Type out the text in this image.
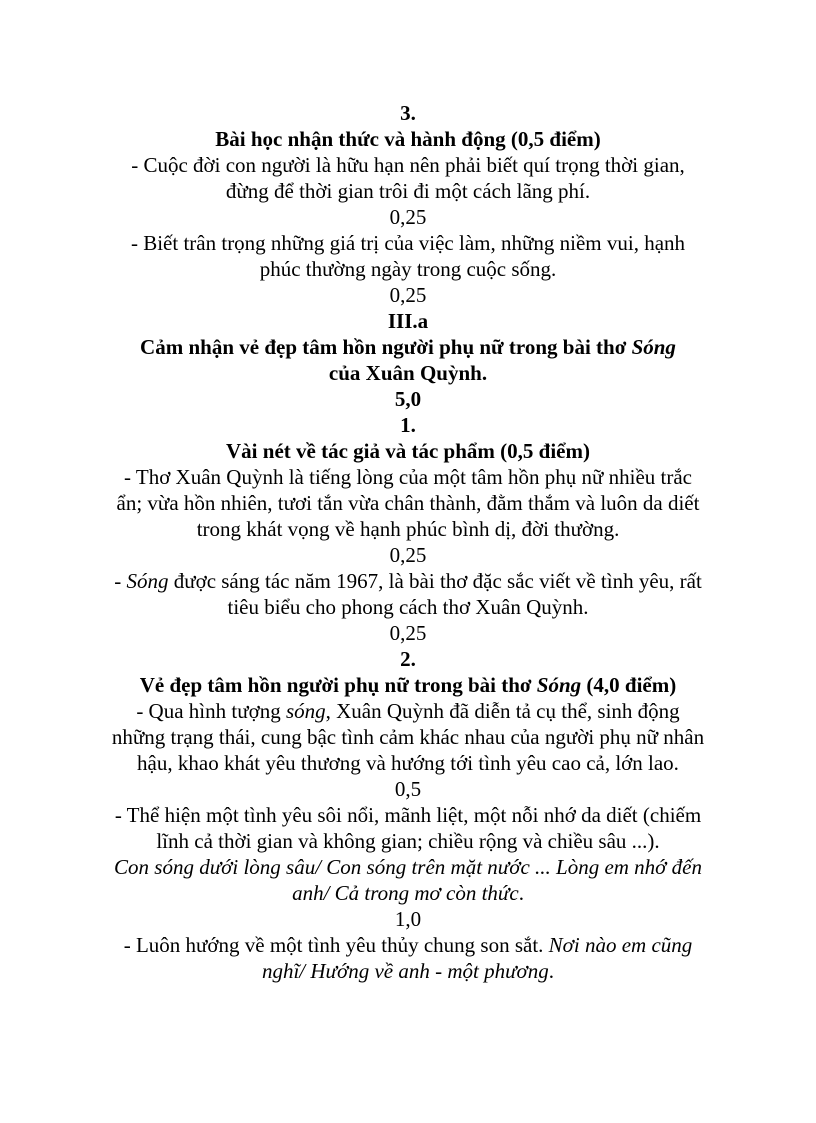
3.

Bài học nhận thức và hành động (0,5 điểm)

- Cuộc đời con người là hữu hạn nên phải biết quí trọng thời gian, đừng để thời gian trôi đi một cách lãng phí.

0,25

- Biết trân trọng những giá trị của việc làm, những niềm vui, hạnh phúc thường ngày trong cuộc sống.

0,25

III.a

Cảm nhận vẻ đẹp tâm hồn người phụ nữ trong bài thơ Sóng
của Xuân Quỳnh.

5,0

1.

Vài nét về tác giả và tác phẩm (0,5 điểm)

- Thơ Xuân Quỳnh là tiếng lòng của một tâm hồn phụ nữ nhiều trắc ẩn; vừa hồn nhiên, tươi tắn vừa chân thành, đằm thắm và luôn da diết trong khát vọng về hạnh phúc bình dị, đời thường.

0,25

- Sóng được sáng tác năm 1967, là bài thơ đặc sắc viết về tình yêu, rất tiêu biểu cho phong cách thơ Xuân Quỳnh.

0,25

2.

Vẻ đẹp tâm hồn người phụ nữ trong bài thơ Sóng (4,0 điểm)

- Qua hình tượng sóng, Xuân Quỳnh đã diễn tả cụ thể, sinh động những trạng thái, cung bậc tình cảm khác nhau của người phụ nữ nhân hậu, khao khát yêu thương và hướng tới tình yêu cao cả, lớn lao.

0,5

- Thể hiện một tình yêu sôi nổi, mãnh liệt, một nỗi nhớ da diết (chiếm lĩnh cả thời gian và không gian; chiều rộng và chiều sâu ...).
Con sóng dưới lòng sâu/ Con sóng trên mặt nước ... Lòng em nhớ đến anh/ Cả trong mơ còn thức.

1,0

- Luôn hướng về một tình yêu thủy chung son sắt. Nơi nào em cũng nghĩ/ Hướng về anh - một phương.
